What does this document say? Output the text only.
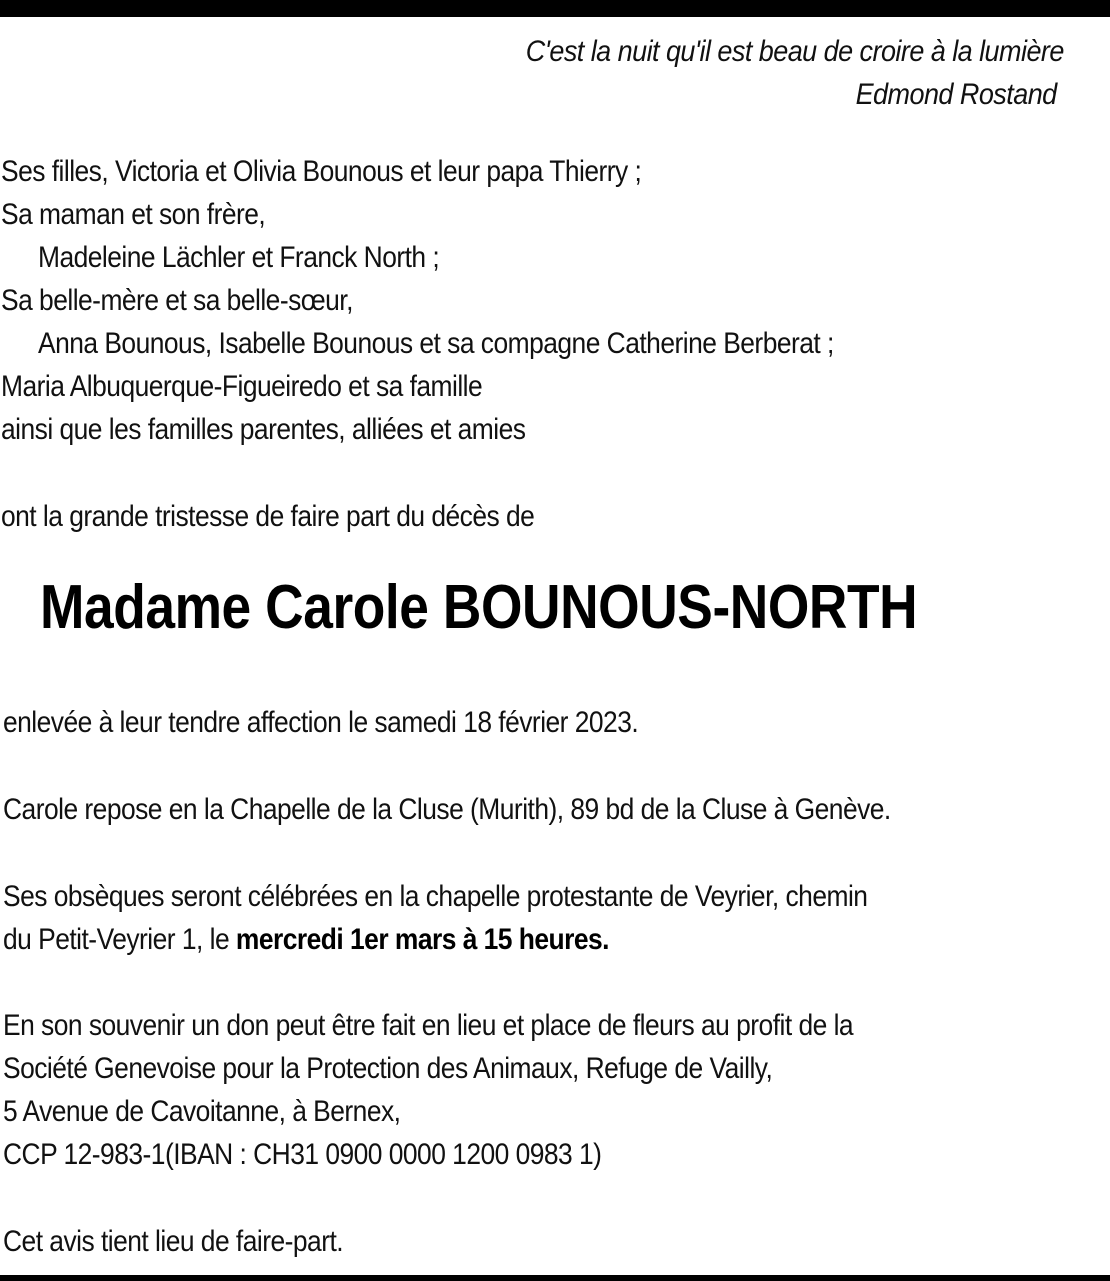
C'est la nuit qu'il est beau de croire à la lumière
Edmond Rostand
Ses filles, Victoria et Olivia Bounous et leur papa Thierry ;
Sa maman et son frère,
Madeleine Lächler et Franck North ;
Sa belle-mère et sa belle-sœur,
Anna Bounous, Isabelle Bounous et sa compagne Catherine Berberat ;
Maria Albuquerque-Figueiredo et sa famille
ainsi que les familles parentes, alliées et amies
ont la grande tristesse de faire part du décès de
Madame Carole BOUNOUS-NORTH
enlevée à leur tendre affection le samedi 18 février 2023.
Carole repose en la Chapelle de la Cluse (Murith), 89 bd de la Cluse à Genève.
Ses obsèques seront célébrées en la chapelle protestante de Veyrier, chemin
du Petit-Veyrier 1, le mercredi 1er mars à 15 heures.
En son souvenir un don peut être fait en lieu et place de fleurs au profit de la
Société Genevoise pour la Protection des Animaux, Refuge de Vailly,
5 Avenue de Cavoitanne, à Bernex,
CCP 12-983-1(IBAN : CH31 0900 0000 1200 0983 1)
Cet avis tient lieu de faire-part.
